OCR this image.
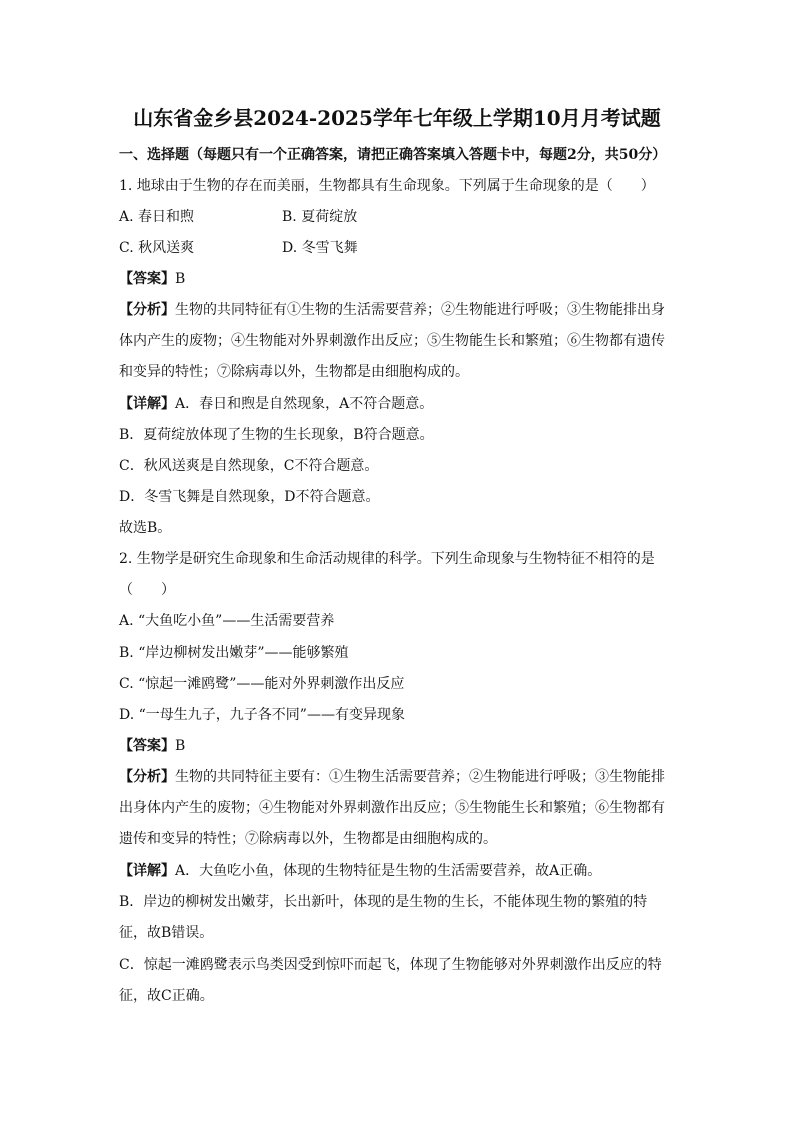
山东省金乡县2024-2025学年七年级上学期10月月考试题
一、选择题（每题只有一个正确答案，请把正确答案填入答题卡中，每题2分，共50分）
1. 地球由于生物的存在而美丽，生物都具有生命现象。下列属于生命现象的是（　　）
A. 春日和煦	B. 夏荷绽放
C. 秋风送爽	D. 冬雪飞舞
【答案】B
【分析】生物的共同特征有①生物的生活需要营养；②生物能进行呼吸；③生物能排出身
体内产生的废物；④生物能对外界刺激作出反应；⑤生物能生长和繁殖；⑥生物都有遗传
和变异的特性；⑦除病毒以外，生物都是由细胞构成的。
【详解】A．春日和煦是自然现象，A不符合题意。
B．夏荷绽放体现了生物的生长现象，B符合题意。
C．秋风送爽是自然现象，C不符合题意。
D．冬雪飞舞是自然现象，D不符合题意。
故选B。
2. 生物学是研究生命现象和生命活动规律的科学。下列生命现象与生物特征不相符的是
（　　）
A. “大鱼吃小鱼”——生活需要营养
B. “岸边柳树发出嫩芽”——能够繁殖
C. “惊起一滩鸥鹭”——能对外界刺激作出反应
D. “一母生九子，九子各不同”——有变异现象
【答案】B
【分析】生物的共同特征主要有：①生物生活需要营养；②生物能进行呼吸；③生物能排
出身体内产生的废物；④生物能对外界刺激作出反应；⑤生物能生长和繁殖；⑥生物都有
遗传和变异的特性；⑦除病毒以外，生物都是由细胞构成的。
【详解】A．大鱼吃小鱼，体现的生物特征是生物的生活需要营养，故A正确。
B．岸边的柳树发出嫩芽，长出新叶，体现的是生物的生长，不能体现生物的繁殖的特
征，故B错误。
C．惊起一滩鸥鹭表示鸟类因受到惊吓而起飞，体现了生物能够对外界刺激作出反应的特
征，故C正确。
